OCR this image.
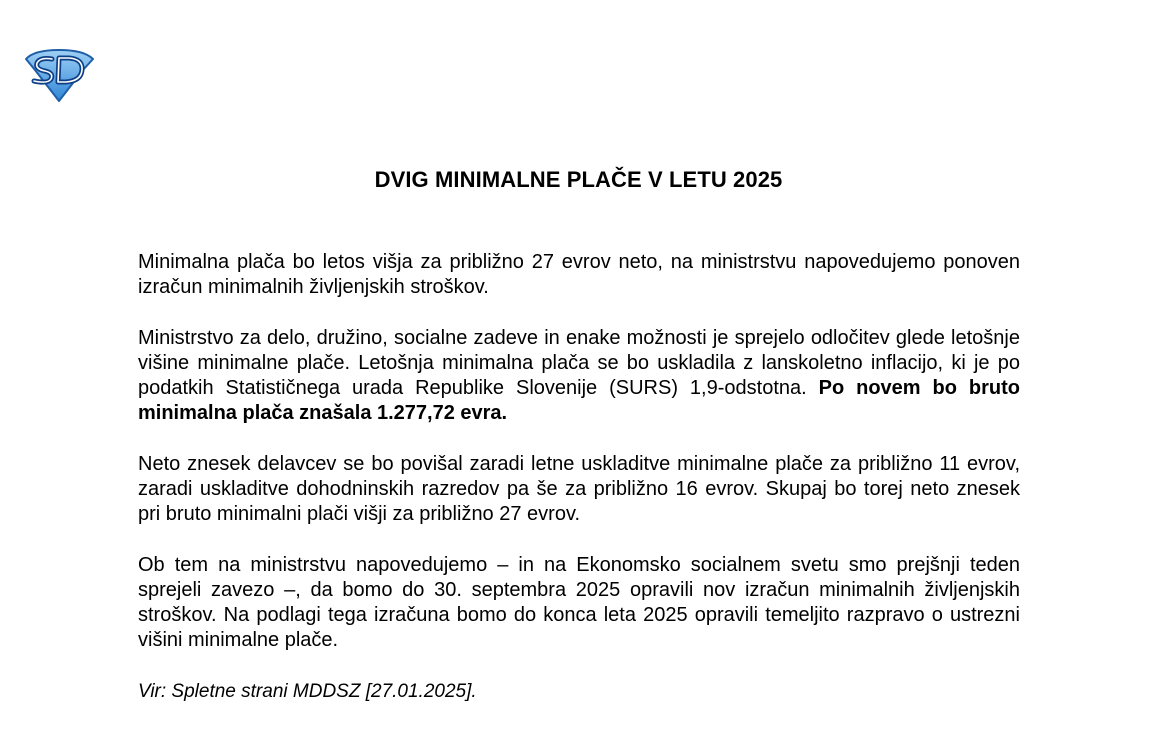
DVIG MINIMALNE PLAČE V LETU 2025

Minimalna plača bo letos višja za približno 27 evrov neto, na ministrstvu napovedujemo ponoven izračun minimalnih življenjskih stroškov.

Ministrstvo za delo, družino, socialne zadeve in enake možnosti je sprejelo odločitev glede letošnje višine minimalne plače. Letošnja minimalna plača se bo uskladila z lanskoletno inflacijo, ki je po podatkih Statističnega urada Republike Slovenije (SURS) 1,9-odstotna. Po novem bo bruto minimalna plača znašala 1.277,72 evra.

Neto znesek delavcev se bo povišal zaradi letne uskladitve minimalne plače za približno 11 evrov, zaradi uskladitve dohodninskih razredov pa še za približno 16 evrov. Skupaj bo torej neto znesek pri bruto minimalni plači višji za približno 27 evrov.

Ob tem na ministrstvu napovedujemo – in na Ekonomsko socialnem svetu smo prejšnji teden sprejeli zavezo –, da bomo do 30. septembra 2025 opravili nov izračun minimalnih življenjskih stroškov. Na podlagi tega izračuna bomo do konca leta 2025 opravili temeljito razpravo o ustrezni višini minimalne plače.

Vir: Spletne strani MDDSZ [27.01.2025].
